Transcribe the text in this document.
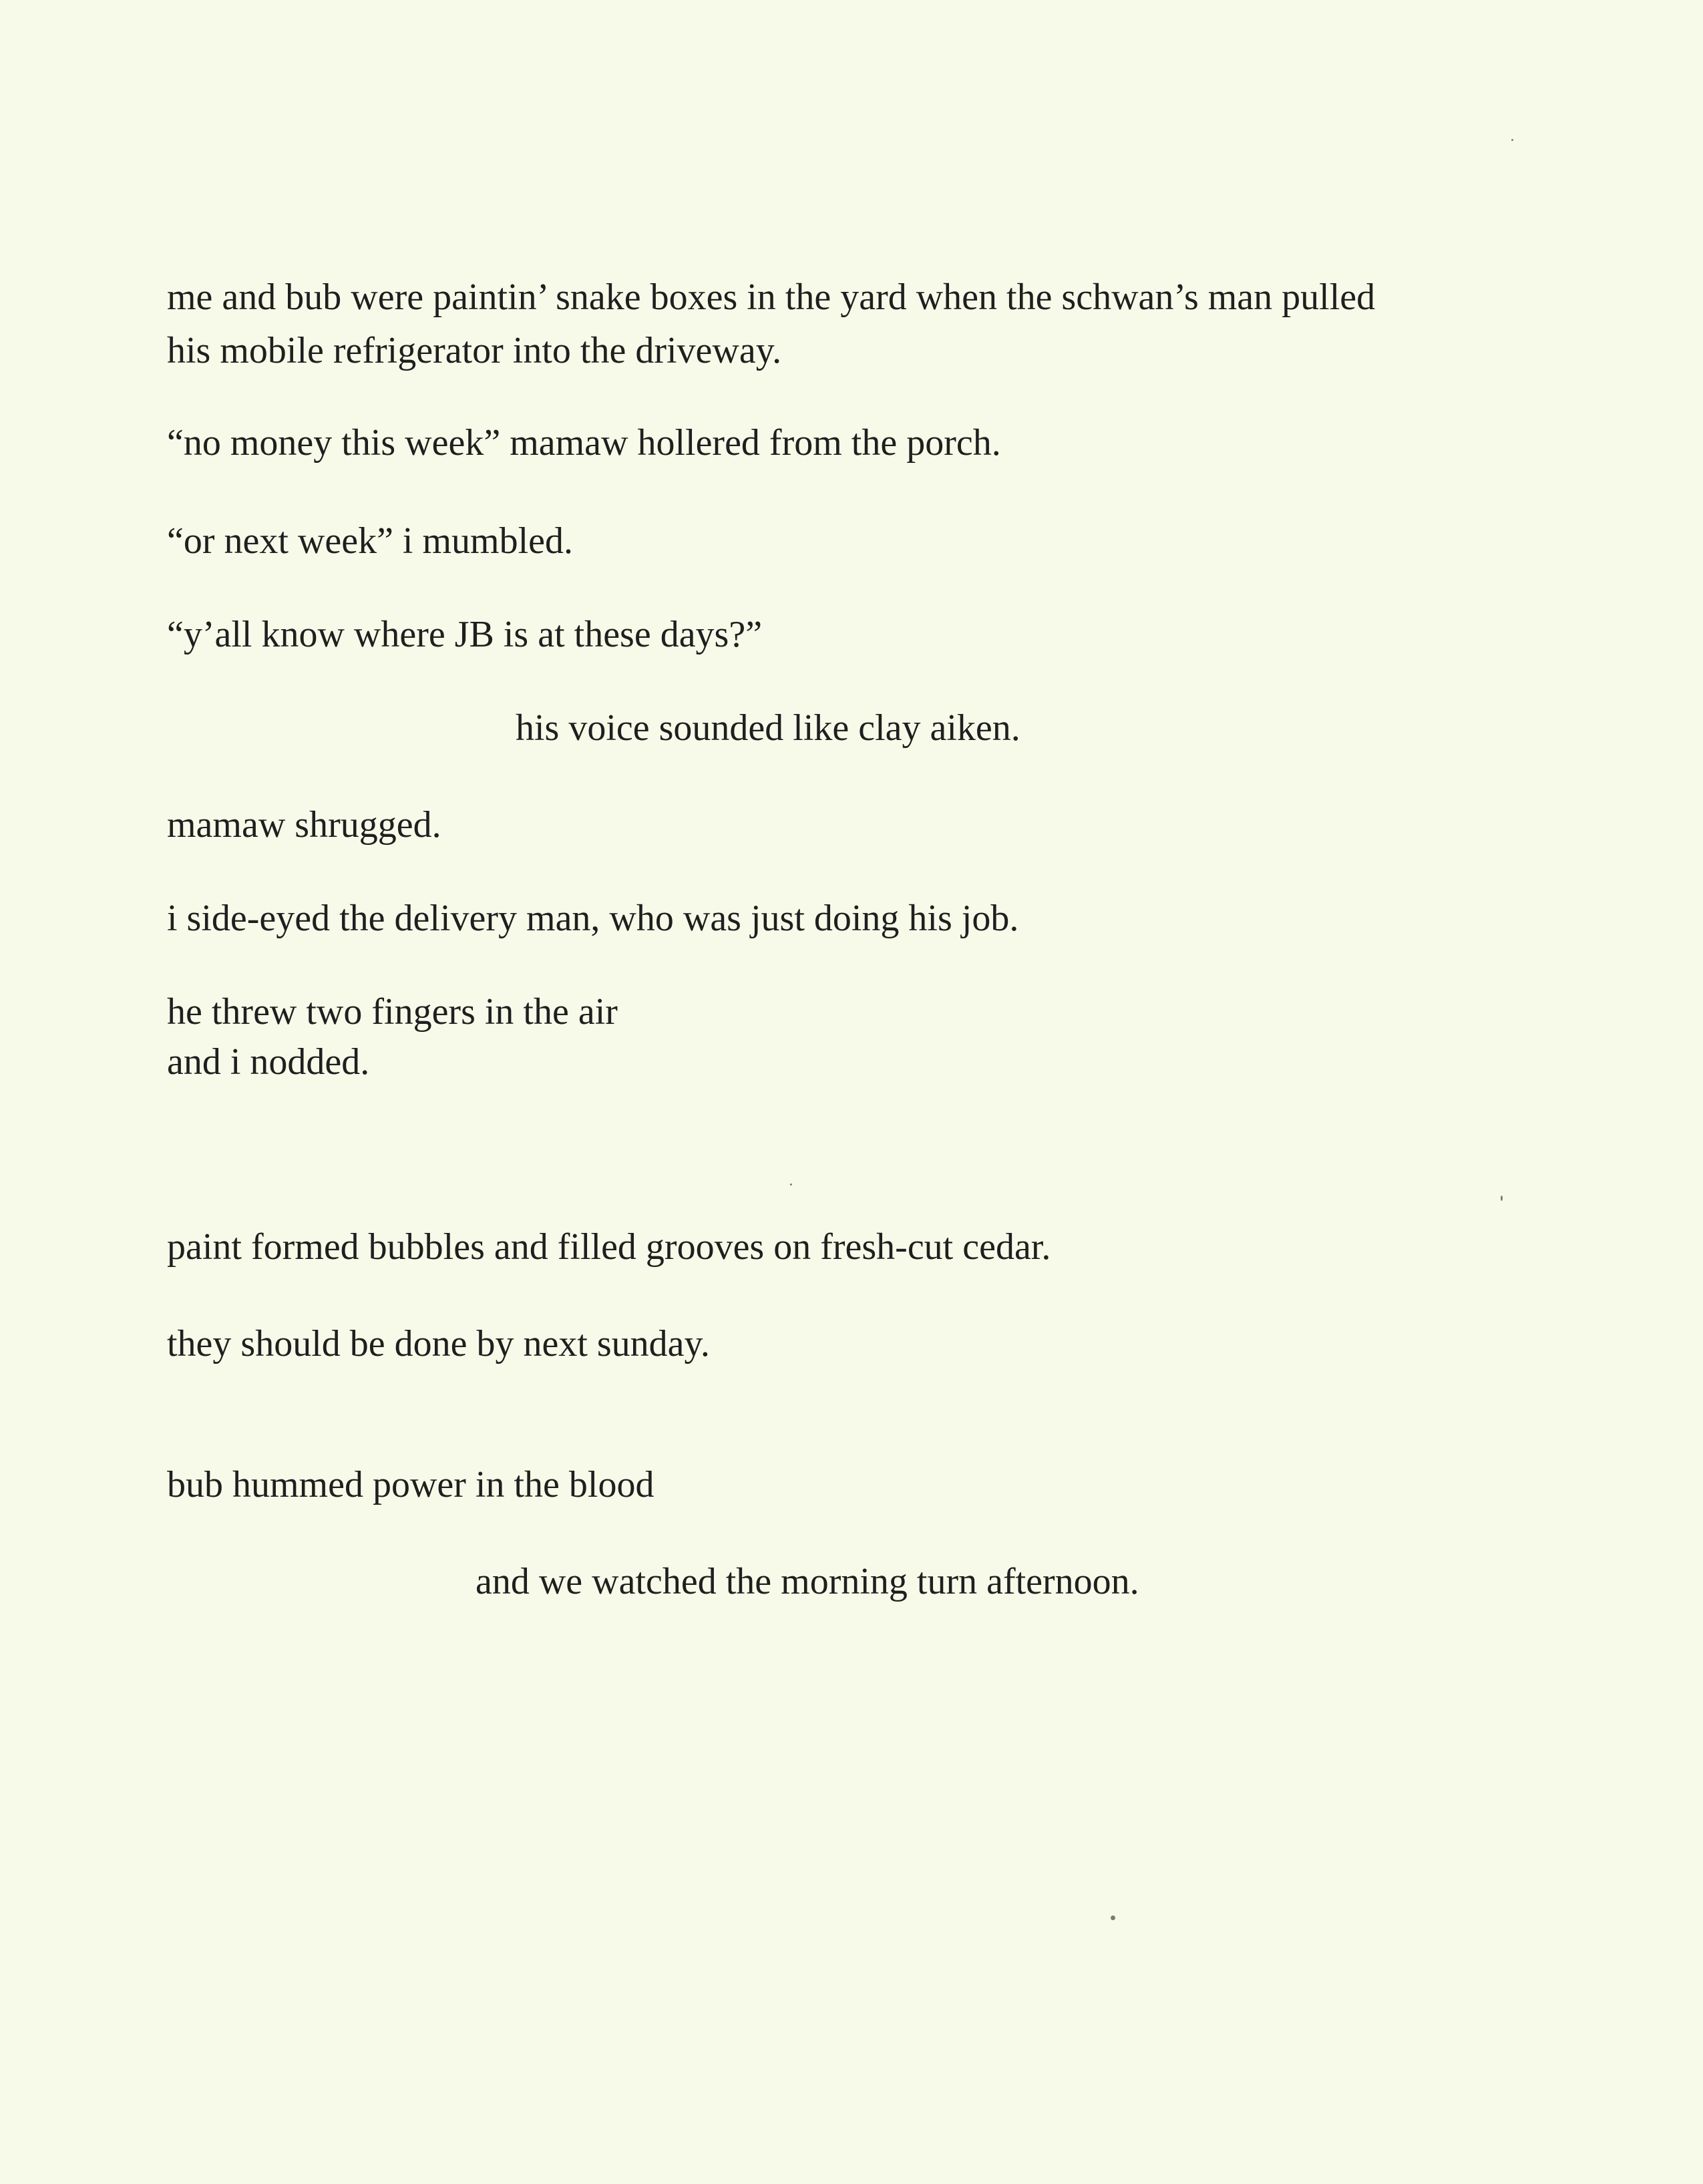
me and bub were paintin’ snake boxes in the yard when the schwan’s man pulled

his mobile refrigerator into the driveway.

“no money this week” mamaw hollered from the porch.

“or next week” i mumbled.

“y’all know where JB is at these days?”

his voice sounded like clay aiken.

mamaw shrugged.

i side-eyed the delivery man, who was just doing his job.

he threw two fingers in the air

and i nodded.

paint formed bubbles and filled grooves on fresh-cut cedar.

they should be done by next sunday.

bub hummed power in the blood

and we watched the morning turn afternoon.
